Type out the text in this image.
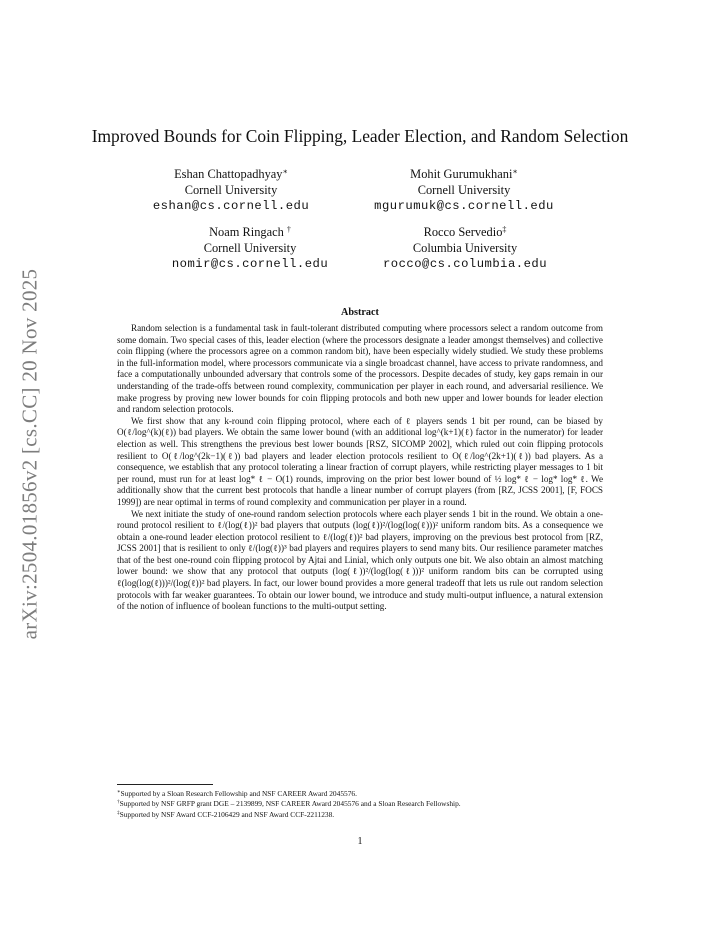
arXiv:2504.01856v2 [cs.CC] 20 Nov 2025
Improved Bounds for Coin Flipping, Leader Election, and Random Selection
Eshan Chattopadhyay∗
Cornell University
eshan@cs.cornell.edu
Mohit Gurumukhani∗
Cornell University
mgurumuk@cs.cornell.edu
Noam Ringach †
Cornell University
nomir@cs.cornell.edu
Rocco Servedio‡
Columbia University
rocco@cs.columbia.edu
Abstract

Random selection is a fundamental task in fault-tolerant distributed computing where processors select a random outcome from some domain. Two special cases of this, leader election (where the processors designate a leader amongst themselves) and collective coin flipping (where the processors agree on a common random bit), have been especially widely studied. We study these problems in the full-information model, where processors communicate via a single broadcast channel, have access to private randomness, and face a computationally unbounded adversary that controls some of the processors. Despite decades of study, key gaps remain in our understanding of the trade-offs between round complexity, communication per player in each round, and adversarial resilience. We make progress by proving new lower bounds for coin flipping protocols and both new upper and lower bounds for leader election and random selection protocols.

We first show that any k-round coin flipping protocol, where each of ℓ players sends 1 bit per round, can be biased by O(ℓ/log^(k)(ℓ)) bad players. We obtain the same lower bound (with an additional log^(k+1)(ℓ) factor in the numerator) for leader election as well. This strengthens the previous best lower bounds [RSZ, SICOMP 2002], which ruled out coin flipping protocols resilient to O(ℓ/log^(2k−1)(ℓ)) bad players and leader election protocols resilient to O(ℓ/log^(2k+1)(ℓ)) bad players. As a consequence, we establish that any protocol tolerating a linear fraction of corrupt players, while restricting player messages to 1 bit per round, must run for at least log* ℓ − O(1) rounds, improving on the prior best lower bound of ½ log* ℓ − log* log* ℓ. We additionally show that the current best protocols that handle a linear number of corrupt players (from [RZ, JCSS 2001], [F, FOCS 1999]) are near optimal in terms of round complexity and communication per player in a round.

We next initiate the study of one-round random selection protocols where each player sends 1 bit in the round. We obtain a one-round protocol resilient to ℓ/(log(ℓ))² bad players that outputs (log(ℓ))²/(log(log(ℓ)))² uniform random bits. As a consequence we obtain a one-round leader election protocol resilient to ℓ/(log(ℓ))² bad players, improving on the previous best protocol from [RZ, JCSS 2001] that is resilient to only ℓ/(log(ℓ))³ bad players and requires players to send many bits. Our resilience parameter matches that of the best one-round coin flipping protocol by Ajtai and Linial, which only outputs one bit. We also obtain an almost matching lower bound: we show that any protocol that outputs (log(ℓ))²/(log(log(ℓ)))² uniform random bits can be corrupted using ℓ(log(log(ℓ)))²/(log(ℓ))² bad players. In fact, our lower bound provides a more general tradeoff that lets us rule out random selection protocols with far weaker guarantees. To obtain our lower bound, we introduce and study multi-output influence, a natural extension of the notion of influence of boolean functions to the multi-output setting.

∗Supported by a Sloan Research Fellowship and NSF CAREER Award 2045576.
†Supported by NSF GRFP grant DGE – 2139899, NSF CAREER Award 2045576 and a Sloan Research Fellowship.
‡Supported by NSF Award CCF-2106429 and NSF Award CCF-2211238.
1
